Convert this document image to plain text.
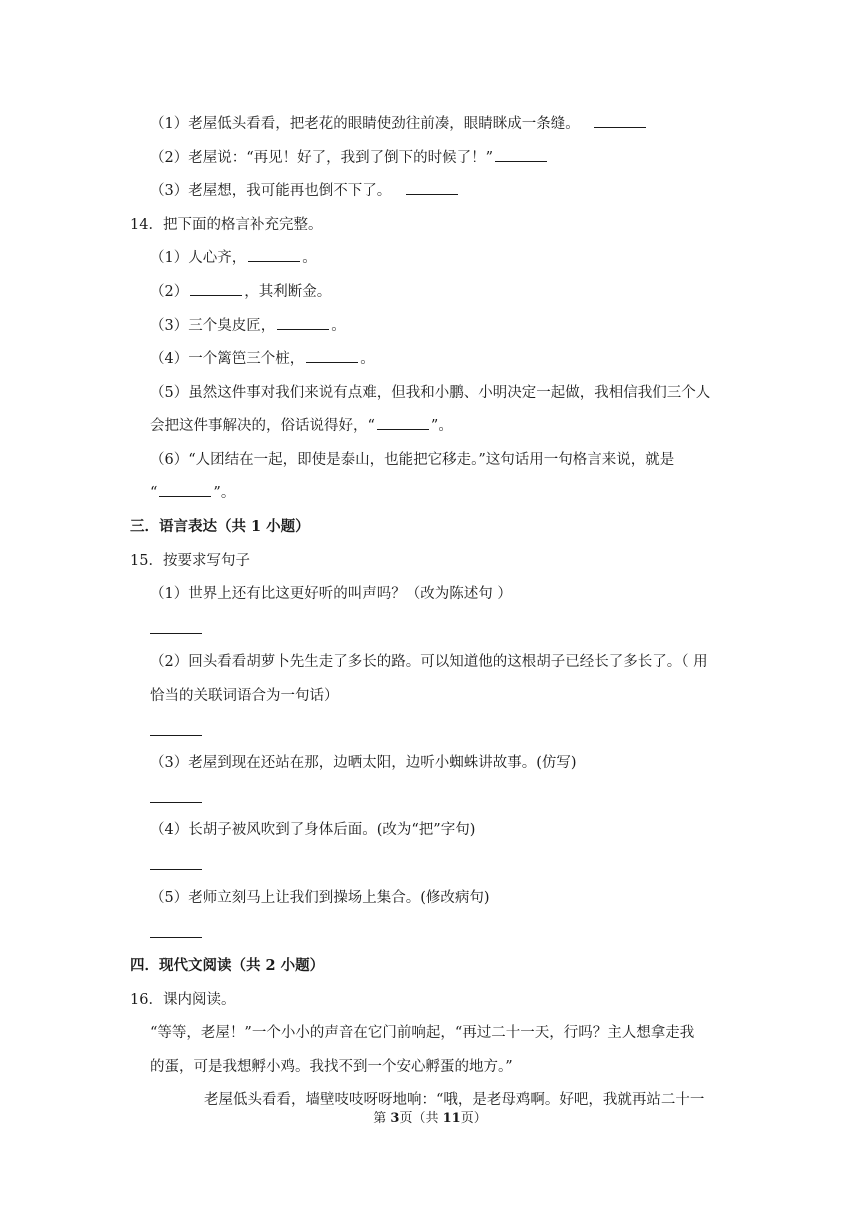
（1）老屋低头看看，把老花的眼睛使劲往前凑，眼睛眯成一条缝。
（2）老屋说：“再见！好了，我到了倒下的时候了！”
（3）老屋想，我可能再也倒不下了。
14．把下面的格言补充完整。
（1）人心齐，	。
（2）	，其利断金。
（3）三个臭皮匠，	。
（4）一个篱笆三个桩，	。
（5）虽然这件事对我们来说有点难，但我和小鹏、小明决定一起做，我相信我们三个人
会把这件事解决的，俗话说得好，“	”。
（6）“人团结在一起，即使是泰山，也能把它移走。”这句话用一句格言来说，就是
“	”。
三．语言表达（共 1 小题）
15．按要求写句子
（1）世界上还有比这更好听的叫声吗？（改为陈述句 ）
（2）回头看看胡萝卜先生走了多长的路。可以知道他的这根胡子已经长了多长了。（ 用
恰当的关联词语合为一句话）
（3）老屋到现在还站在那，边晒太阳，边听小蜘蛛讲故事。(仿写)
（4）长胡子被风吹到了身体后面。(改为“把”字句)
（5）老师立刻马上让我们到操场上集合。(修改病句)
四．现代文阅读（共 2 小题）
16．课内阅读。
“等等，老屋！”一个小小的声音在它门前响起，“再过二十一天，行吗？主人想拿走我
的蛋，可是我想孵小鸡。我找不到一个安心孵蛋的地方。”
老屋低头看看，墙壁吱吱呀呀地响：“哦，是老母鸡啊。好吧，我就再站二十一
第 3页（共 11页）
